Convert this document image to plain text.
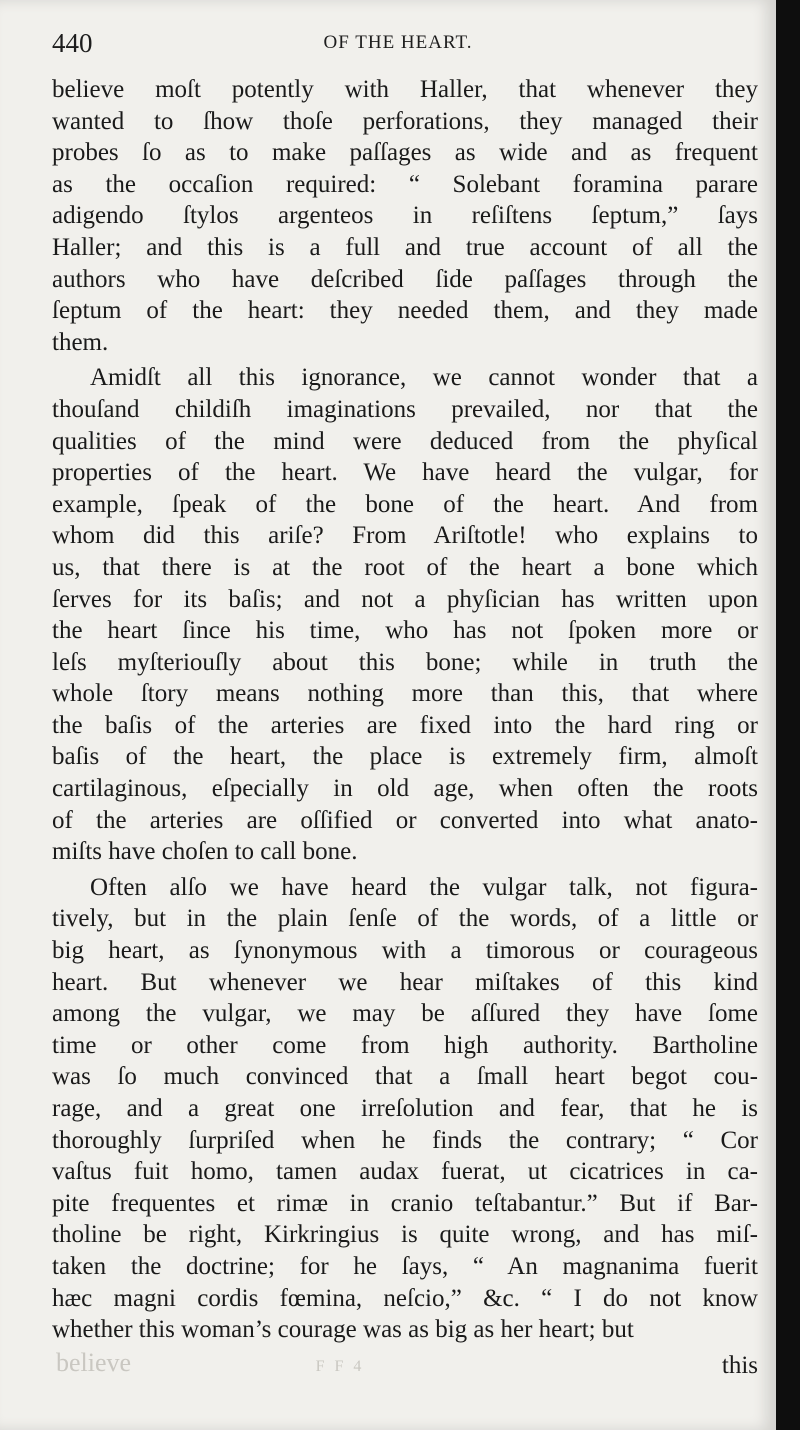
440	OF THE HEART.
believe moſt potently with Haller, that whenever they
wanted to ſhow thoſe perforations, they managed their
probes ſo as to make paſſages as wide and as frequent
as the occaſion required: “ Solebant foramina parare
adigendo ſtylos argenteos in reſiſtens ſeptum,” ſays
Haller; and this is a full and true account of all the
authors who have deſcribed ſide paſſages through the
ſeptum of the heart: they needed them, and they made
them.
Amidſt all this ignorance, we cannot wonder that a
thouſand childiſh imaginations prevailed, nor that the
qualities of the mind were deduced from the phyſical
properties of the heart. We have heard the vulgar, for
example, ſpeak of the bone of the heart. And from
whom did this ariſe? From Ariſtotle! who explains to
us, that there is at the root of the heart a bone which
ſerves for its baſis; and not a phyſician has written upon
the heart ſince his time, who has not ſpoken more or
leſs myſteriouſly about this bone; while in truth the
whole ſtory means nothing more than this, that where
the baſis of the arteries are fixed into the hard ring or
baſis of the heart, the place is extremely firm, almoſt
cartilaginous, eſpecially in old age, when often the roots
of the arteries are oſſified or converted into what anato-
miſts have choſen to call bone.
Often alſo we have heard the vulgar talk, not figura-
tively, but in the plain ſenſe of the words, of a little or
big heart, as ſynonymous with a timorous or courageous
heart. But whenever we hear miſtakes of this kind
among the vulgar, we may be aſſured they have ſome
time or other come from high authority. Bartholine
was ſo much convinced that a ſmall heart begot cou-
rage, and a great one irreſolution and fear, that he is
thoroughly ſurpriſed when he finds the contrary; “ Cor
vaſtus fuit homo, tamen audax fuerat, ut cicatrices in ca-
pite frequentes et rimæ in cranio teſtabantur.” But if Bar-
tholine be right, Kirkringius is quite wrong, and has miſ-
taken the doctrine; for he ſays, “ An magnanima fuerit
hæc magni cordis fœmina, neſcio,” &c. “ I do not know
whether this woman’s courage was as big as her heart; but
this
believe	F F 4
